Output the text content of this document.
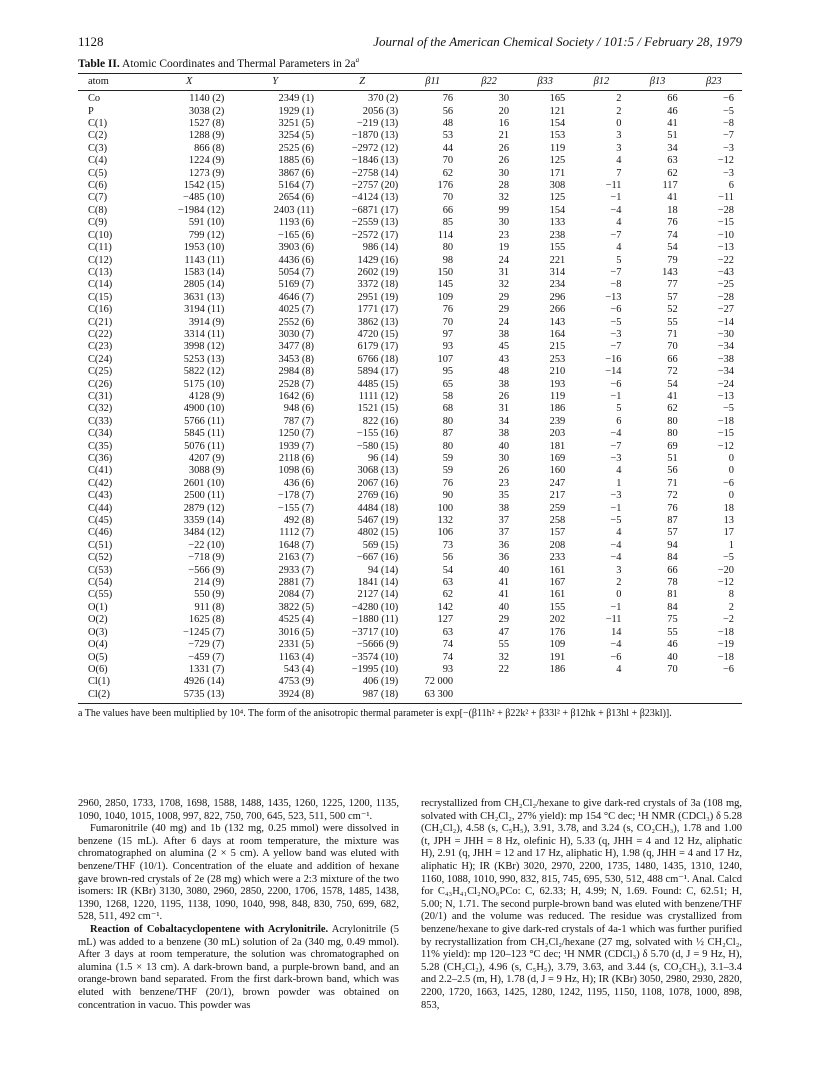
1128	Journal of the American Chemical Society / 101:5 / February 28, 1979
Table II. Atomic Coordinates and Thermal Parameters in $2a^a$
atom	X	Y	Z	β11	β22	β33	β12	β13	β23
Co	1140 (2)	2349 (1)	370 (2)	76	30	165	2	66	−6
P	3038 (2)	1929 (1)	2056 (3)	56	20	121	2	46	−5
C(1)	1527 (8)	3251 (5)	−219 (13)	48	16	154	0	41	−8
C(2)	1288 (9)	3254 (5)	−1870 (13)	53	21	153	3	51	−7
C(3)	866 (8)	2525 (6)	−2972 (12)	44	26	119	3	34	−3
C(4)	1224 (9)	1885 (6)	−1846 (13)	70	26	125	4	63	−12
C(5)	1273 (9)	3867 (6)	−2758 (14)	62	30	171	7	62	−3
C(6)	1542 (15)	5164 (7)	−2757 (20)	176	28	308	−11	117	6
C(7)	−485 (10)	2654 (6)	−4124 (13)	70	32	125	−1	41	−11
C(8)	−1984 (12)	2403 (11)	−6871 (17)	66	99	154	−4	18	−28
C(9)	591 (10)	1193 (6)	−2559 (13)	85	30	133	4	76	−15
C(10)	799 (12)	−165 (6)	−2572 (17)	114	23	238	−7	74	−10
C(11)	1953 (10)	3903 (6)	986 (14)	80	19	155	4	54	−13
C(12)	1143 (11)	4436 (6)	1429 (16)	98	24	221	5	79	−22
C(13)	1583 (14)	5054 (7)	2602 (19)	150	31	314	−7	143	−43
C(14)	2805 (14)	5169 (7)	3372 (18)	145	32	234	−8	77	−25
C(15)	3631 (13)	4646 (7)	2951 (19)	109	29	296	−13	57	−28
C(16)	3194 (11)	4025 (7)	1771 (17)	76	29	266	−6	52	−27
C(21)	3914 (9)	2552 (6)	3862 (13)	70	24	143	−5	55	−14
C(22)	3314 (11)	3030 (7)	4720 (15)	97	38	164	−3	71	−30
C(23)	3998 (12)	3477 (8)	6179 (17)	93	45	215	−7	70	−34
C(24)	5253 (13)	3453 (8)	6766 (18)	107	43	253	−16	66	−38
C(25)	5822 (12)	2984 (8)	5894 (17)	95	48	210	−14	72	−34
C(26)	5175 (10)	2528 (7)	4485 (15)	65	38	193	−6	54	−24
C(31)	4128 (9)	1642 (6)	1111 (12)	58	26	119	−1	41	−13
C(32)	4900 (10)	948 (6)	1521 (15)	68	31	186	5	62	−5
C(33)	5766 (11)	787 (7)	822 (16)	80	34	239	6	80	−18
C(34)	5845 (11)	1250 (7)	−155 (16)	87	38	203	−4	80	−15
C(35)	5076 (11)	1939 (7)	−580 (15)	80	40	181	−7	69	−12
C(36)	4207 (9)	2118 (6)	96 (14)	59	30	169	−3	51	0
C(41)	3088 (9)	1098 (6)	3068 (13)	59	26	160	4	56	0
C(42)	2601 (10)	436 (6)	2067 (16)	76	23	247	1	71	−6
C(43)	2500 (11)	−178 (7)	2769 (16)	90	35	217	−3	72	0
C(44)	2879 (12)	−155 (7)	4484 (18)	100	38	259	−1	76	18
C(45)	3359 (14)	492 (8)	5467 (19)	132	37	258	−5	87	13
C(46)	3484 (12)	1112 (7)	4802 (15)	106	37	157	4	57	17
C(51)	−22 (10)	1648 (7)	569 (15)	73	36	208	−4	94	1
C(52)	−718 (9)	2163 (7)	−667 (16)	56	36	233	−4	84	−5
C(53)	−566 (9)	2933 (7)	94 (14)	54	40	161	3	66	−20
C(54)	214 (9)	2881 (7)	1841 (14)	63	41	167	2	78	−12
C(55)	550 (9)	2084 (7)	2127 (14)	62	41	161	0	81	8
O(1)	911 (8)	3822 (5)	−4280 (10)	142	40	155	−1	84	2
O(2)	1625 (8)	4525 (4)	−1880 (11)	127	29	202	−11	75	−2
O(3)	−1245 (7)	3016 (5)	−3717 (10)	63	47	176	14	55	−18
O(4)	−729 (7)	2331 (5)	−5666 (9)	74	55	109	−4	46	−19
O(5)	−459 (7)	1163 (4)	−3574 (10)	74	32	191	−6	40	−18
O(6)	1331 (7)	543 (4)	−1995 (10)	93	22	186	4	70	−6
Cl(1)	4926 (14)	4753 (9)	406 (19)	72 000					
Cl(2)	5735 (13)	3924 (8)	987 (18)	63 300					
a The values have been multiplied by 10⁴. The form of the anisotropic thermal parameter is exp[−(β11h² + β22k² + β33l² + β12hk + β13hl + β23kl)].

2960, 2850, 1733, 1708, 1698, 1588, 1488, 1435, 1260, 1225, 1200, 1135, 1090, 1040, 1015, 1008, 997, 822, 750, 700, 645, 523, 511, 500 cm⁻¹.

Fumaronitrile (40 mg) and 1b (132 mg, 0.25 mmol) were dissolved in benzene (15 mL). After 6 days at room temperature, the mixture was chromatographed on alumina (2 × 5 cm). A yellow band was eluted with benzene/THF (10/1). Concentration of the eluate and addition of hexane gave brown-red crystals of 2e (28 mg) which were a 2:3 mixture of the two isomers: IR (KBr) 3130, 3080, 2960, 2850, 2200, 1706, 1578, 1485, 1438, 1390, 1268, 1220, 1195, 1138, 1090, 1040, 998, 848, 830, 750, 699, 682, 528, 511, 492 cm⁻¹.

Reaction of Cobaltacyclopentene with Acrylonitrile. Acrylonitrile (5 mL) was added to a benzene (30 mL) solution of 2a (340 mg, 0.49 mmol). After 3 days at room temperature, the solution was chromatographed on alumina (1.5 × 13 cm). A dark-brown band, a purple-brown band, and an orange-brown band separated. From the first dark-brown band, which was eluted with benzene/THF (20/1), brown powder was obtained on concentration in vacuo. This powder was

recrystallized from CH₂Cl₂/hexane to give dark-red crystals of 3a (108 mg, solvated with CH₂Cl₂, 27% yield): mp 154 °C dec; ¹H NMR (CDCl₃) δ 5.28 (CH₂Cl₂), 4.58 (s, C₅H₅), 3.91, 3.78, and 3.24 (s, CO₂CH₃), 1.78 and 1.00 (t, JPH = JHH = 8 Hz, olefinic H), 5.33 (q, JHH = 4 and 12 Hz, aliphatic H), 2.91 (q, JHH = 12 and 17 Hz, aliphatic H), 1.98 (q, JHH = 4 and 17 Hz, aliphatic H); IR (KBr) 3020, 2970, 2200, 1735, 1480, 1435, 1310, 1240, 1160, 1088, 1010, 990, 832, 815, 745, 695, 530, 512, 488 cm⁻¹. Anal. Calcd for C₄₃H₄₁Cl₂NO₆PCo: C, 62.33; H, 4.99; N, 1.69. Found: C, 62.51; H, 5.00; N, 1.71. The second purple-brown band was eluted with benzene/THF (20/1) and the volume was reduced. The residue was crystallized from benzene/hexane to give dark-red crystals of 4a-1 which was further purified by recrystallization from CH₂Cl₂/hexane (27 mg, solvated with ½ CH₂Cl₂, 11% yield): mp 120–123 °C dec; ¹H NMR (CDCl₃) δ 5.70 (d, J = 9 Hz, H), 5.28 (CH₂Cl₂), 4.96 (s, C₅H₅), 3.79, 3.63, and 3.44 (s, CO₂CH₃), 3.1–3.4 and 2.2–2.5 (m, H), 1.78 (d, J = 9 Hz, H); IR (KBr) 3050, 2980, 2930, 2820, 2200, 1720, 1663, 1425, 1280, 1242, 1195, 1150, 1108, 1078, 1000, 898, 853,
